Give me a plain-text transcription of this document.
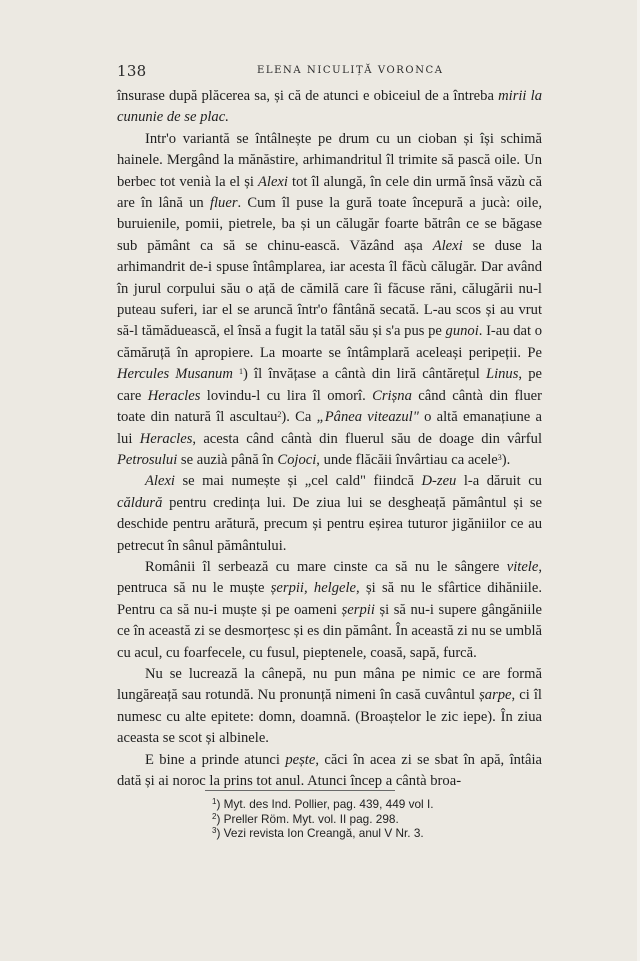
138	ELENA NICULIȚĂ VORONCA

însurase după plăcerea sa, și că de atunci e obiceiul de a întreba mirii la cununie de se plac.

Intr'o variantă se întâlnește pe drum cu un cioban și își schimă hainele. Mergând la mănăstire, arhimandritul îl trimite să pască oile. Un berbec tot venià la el și Alexi tot îl alungă, în cele din urmă însă văzù că are în lână un fluer. Cum îl puse la gură toate începură a jucà: oile, buruienile, pomii, pietrele, ba și un călugăr foarte bătrân ce se băgase sub pământ ca să se chinu-ească. Văzând așa Alexi se duse la arhimandrit de-i spuse întâmplarea, iar acesta îl făcù călugăr. Dar având în jurul corpului său o ață de cămilă care îi făcuse răni, călugării nu-l puteau suferi, iar el se aruncă într'o fântână secată. L-au scos și au vrut să-l tămăduească, el însă a fugit la tatăl său și s'a pus pe gunoi. I-au dat o cămăruță în apropiere. La moarte se întâmplară aceleași peripeții. Pe Hercules Musanum $^1$) îl învățase a cântà din liră cântărețul Linus, pe care Heracles lovindu-l cu lira îl omorî. Crișna când cântà din fluer toate din natură îl ascultau$^2$). Ca „Pânea viteazul" o altă emanațiune a lui Heracles, acesta când cântà din fluerul său de doage din vârful Petrosului se auzià până în Cojoci, unde flăcăii învârtiau ca acele$^3$).

Alexi se mai numește și „cel cald" fiindcă D-zeu l-a dăruit cu căldură pentru credința lui. De ziua lui se desgheață pământul și se deschide pentru arătură, precum și pentru eșirea tuturor jigăniilor ce au petrecut în sânul pământului.

Românii îl serbează cu mare cinste ca să nu le sângere vitele, pentruca să nu le muște șerpii, helgele, și să nu le sfârtice dihăniile. Pentru ca să nu-i muște și pe oameni șerpii și să nu-i supere gângăniile ce în această zi se desmorțesc și es din pământ. În această zi nu se umblă cu acul, cu foarfecele, cu fusul, pieptenele, coasă, sapă, furcă.

Nu se lucrează la cânepă, nu pun mâna pe nimic ce are formă lungăreață sau rotundă. Nu pronunță nimeni în casă cuvântul șarpe, ci îl numesc cu alte epitete: domn, doamnă. (Broaștelor le zic iepe). În ziua aceasta se scot și albinele.

E bine a prinde atunci pește, căci în acea zi se sbat în apă, întâia dată și ai noroc la prins tot anul. Atunci încep a cântà broa-

$^1$) Myt. des Ind. Pollier, pag. 439, 449 vol I.
$^2$) Preller Röm. Myt. vol. II pag. 298.
$^3$) Vezi revista Ion Creangă, anul V Nr. 3.
